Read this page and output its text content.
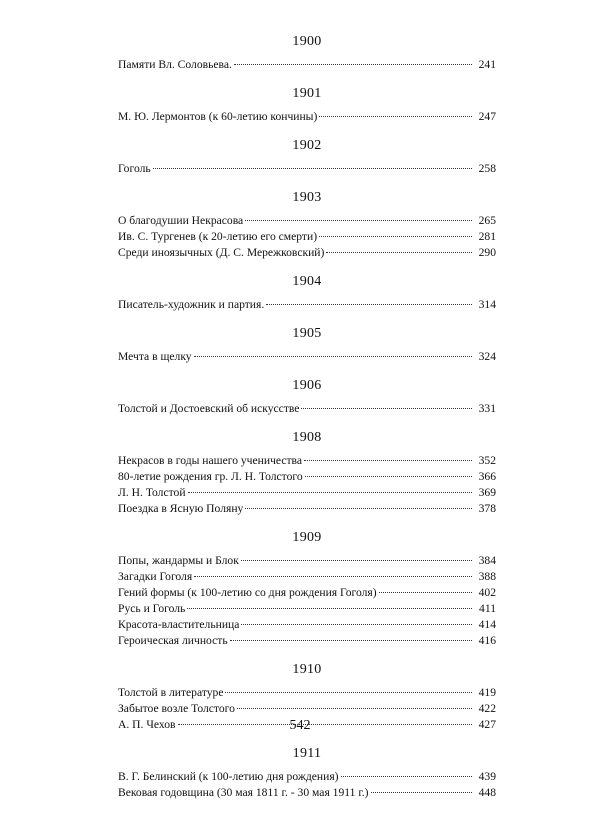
1900
Памяти Вл. Соловьева.	241
1901
М. Ю. Лермонтов (к 60-летию кончины)	247
1902
Гоголь	258
1903
О благодушии Некрасова	265
Ив. С. Тургенев (к 20-летию его смерти)	281
Среди иноязычных (Д. С. Мережковский)	290
1904
Писатель-художник и партия.	314
1905
Мечта в щелку	324
1906
Толстой и Достоевский об искусстве	331
1908
Некрасов в годы нашего ученичества	352
80-летие рождения гр. Л. Н. Толстого	366
Л. Н. Толстой	369
Поездка в Ясную Поляну	378
1909
Попы, жандармы и Блок	384
Загадки Гоголя	388
Гений формы (к 100-летию со дня рождения Гоголя)	402
Русь и Гоголь	411
Красота-властительница	414
Героическая личность	416
1910
Толстой в литературе	419
Забытое возле Толстого	422
А. П. Чехов	427
1911
В. Г. Белинский (к 100-летию дня рождения)	439
Вековая годовщина (30 мая 1811 г. - 30 мая 1911 г.)	448
542
